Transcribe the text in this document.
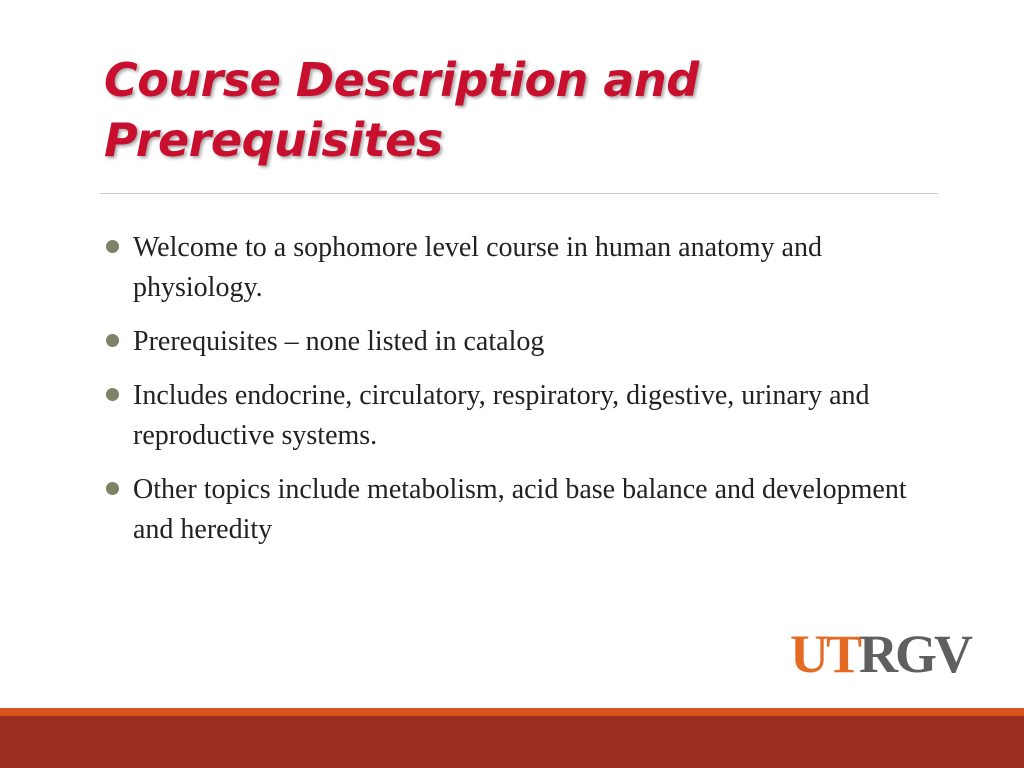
Course Description and Prerequisites
Welcome to a sophomore level course in human anatomy and physiology.
Prerequisites – none listed in catalog
Includes endocrine, circulatory, respiratory, digestive, urinary and reproductive systems.
Other topics include metabolism, acid base balance and development and heredity
UTRGV
